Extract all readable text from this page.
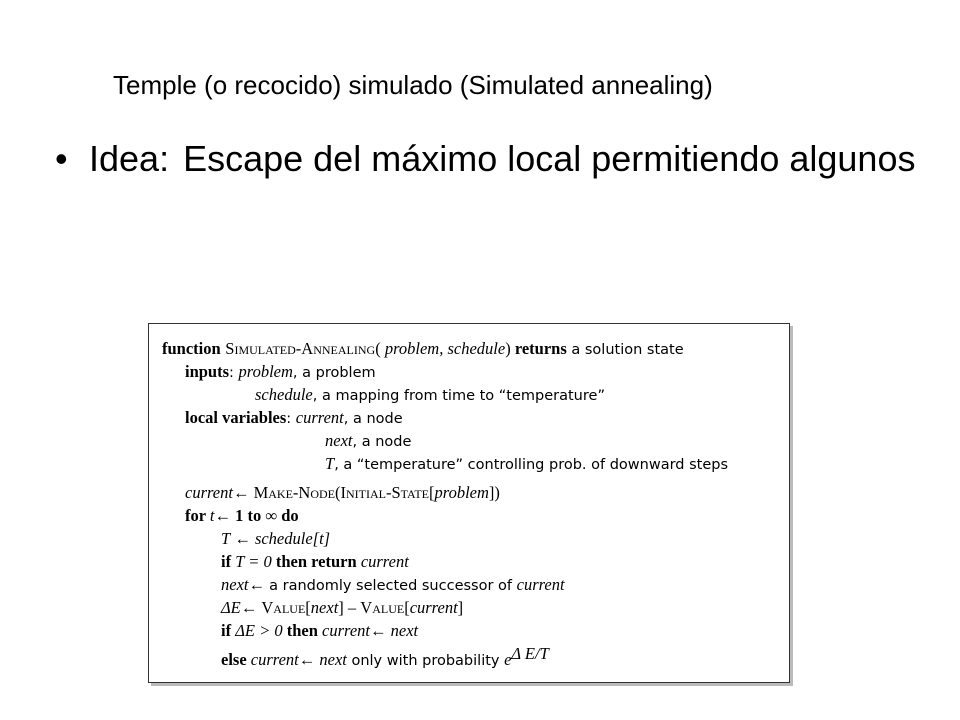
Temple (o recocido) simulado (Simulated annealing)
• Idea: Escape del máximo local permitiendo algunos
function Simulated-Annealing( problem, schedule) returns a solution state
inputs: problem, a problem
schedule, a mapping from time to “temperature”
local variables: current, a node
next, a node
T, a “temperature” controlling prob. of downward steps
current← Make-Node(Initial-State[problem])
for t← 1 to ∞ do
T ← schedule[t]
if T = 0 then return current
next← a randomly selected successor of current
ΔE← Value[next] – Value[current]
if ΔE > 0 then current← next
else current← next only with probability $e^{\Delta E/T}$
